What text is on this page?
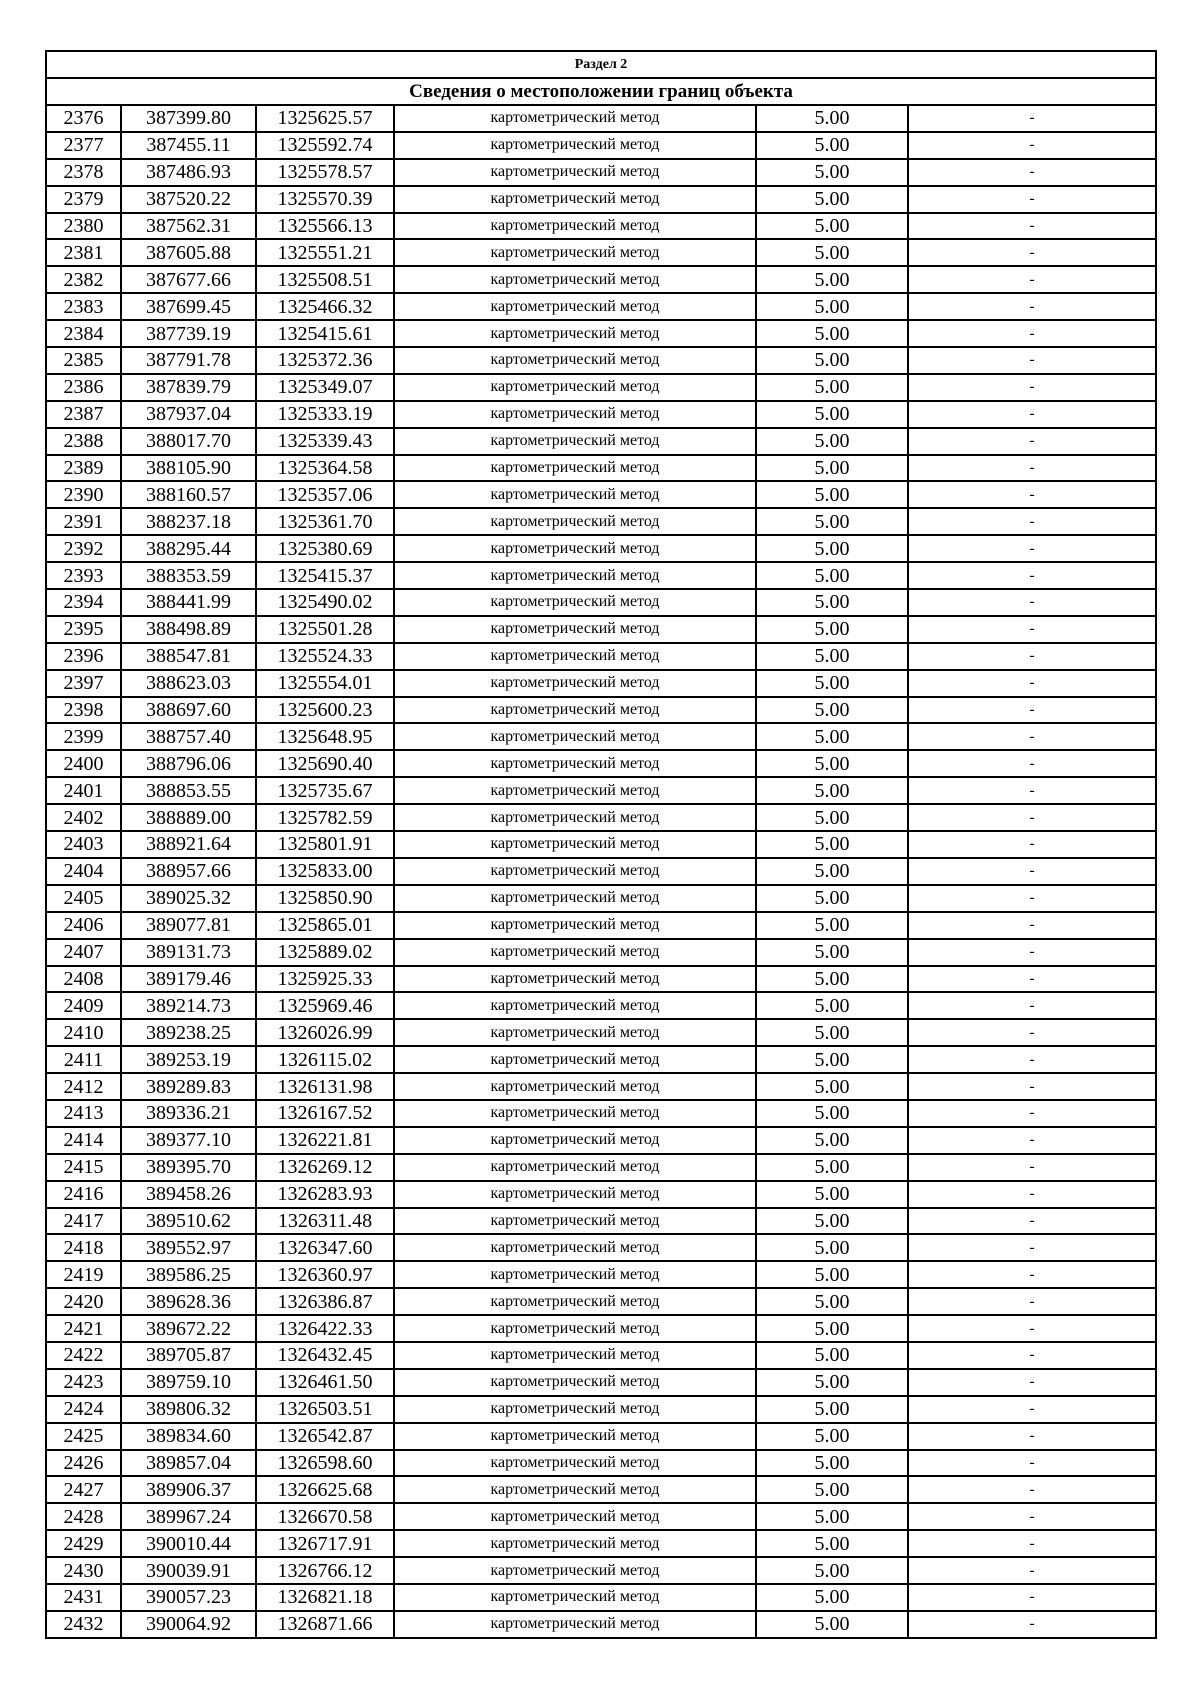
Раздел 2					
Сведения о местоположении границ объекта					
2376	387399.80	1325625.57	картометрический метод	5.00	-
2377	387455.11	1325592.74	картометрический метод	5.00	-
2378	387486.93	1325578.57	картометрический метод	5.00	-
2379	387520.22	1325570.39	картометрический метод	5.00	-
2380	387562.31	1325566.13	картометрический метод	5.00	-
2381	387605.88	1325551.21	картометрический метод	5.00	-
2382	387677.66	1325508.51	картометрический метод	5.00	-
2383	387699.45	1325466.32	картометрический метод	5.00	-
2384	387739.19	1325415.61	картометрический метод	5.00	-
2385	387791.78	1325372.36	картометрический метод	5.00	-
2386	387839.79	1325349.07	картометрический метод	5.00	-
2387	387937.04	1325333.19	картометрический метод	5.00	-
2388	388017.70	1325339.43	картометрический метод	5.00	-
2389	388105.90	1325364.58	картометрический метод	5.00	-
2390	388160.57	1325357.06	картометрический метод	5.00	-
2391	388237.18	1325361.70	картометрический метод	5.00	-
2392	388295.44	1325380.69	картометрический метод	5.00	-
2393	388353.59	1325415.37	картометрический метод	5.00	-
2394	388441.99	1325490.02	картометрический метод	5.00	-
2395	388498.89	1325501.28	картометрический метод	5.00	-
2396	388547.81	1325524.33	картометрический метод	5.00	-
2397	388623.03	1325554.01	картометрический метод	5.00	-
2398	388697.60	1325600.23	картометрический метод	5.00	-
2399	388757.40	1325648.95	картометрический метод	5.00	-
2400	388796.06	1325690.40	картометрический метод	5.00	-
2401	388853.55	1325735.67	картометрический метод	5.00	-
2402	388889.00	1325782.59	картометрический метод	5.00	-
2403	388921.64	1325801.91	картометрический метод	5.00	-
2404	388957.66	1325833.00	картометрический метод	5.00	-
2405	389025.32	1325850.90	картометрический метод	5.00	-
2406	389077.81	1325865.01	картометрический метод	5.00	-
2407	389131.73	1325889.02	картометрический метод	5.00	-
2408	389179.46	1325925.33	картометрический метод	5.00	-
2409	389214.73	1325969.46	картометрический метод	5.00	-
2410	389238.25	1326026.99	картометрический метод	5.00	-
2411	389253.19	1326115.02	картометрический метод	5.00	-
2412	389289.83	1326131.98	картометрический метод	5.00	-
2413	389336.21	1326167.52	картометрический метод	5.00	-
2414	389377.10	1326221.81	картометрический метод	5.00	-
2415	389395.70	1326269.12	картометрический метод	5.00	-
2416	389458.26	1326283.93	картометрический метод	5.00	-
2417	389510.62	1326311.48	картометрический метод	5.00	-
2418	389552.97	1326347.60	картометрический метод	5.00	-
2419	389586.25	1326360.97	картометрический метод	5.00	-
2420	389628.36	1326386.87	картометрический метод	5.00	-
2421	389672.22	1326422.33	картометрический метод	5.00	-
2422	389705.87	1326432.45	картометрический метод	5.00	-
2423	389759.10	1326461.50	картометрический метод	5.00	-
2424	389806.32	1326503.51	картометрический метод	5.00	-
2425	389834.60	1326542.87	картометрический метод	5.00	-
2426	389857.04	1326598.60	картометрический метод	5.00	-
2427	389906.37	1326625.68	картометрический метод	5.00	-
2428	389967.24	1326670.58	картометрический метод	5.00	-
2429	390010.44	1326717.91	картометрический метод	5.00	-
2430	390039.91	1326766.12	картометрический метод	5.00	-
2431	390057.23	1326821.18	картометрический метод	5.00	-
2432	390064.92	1326871.66	картометрический метод	5.00	-
